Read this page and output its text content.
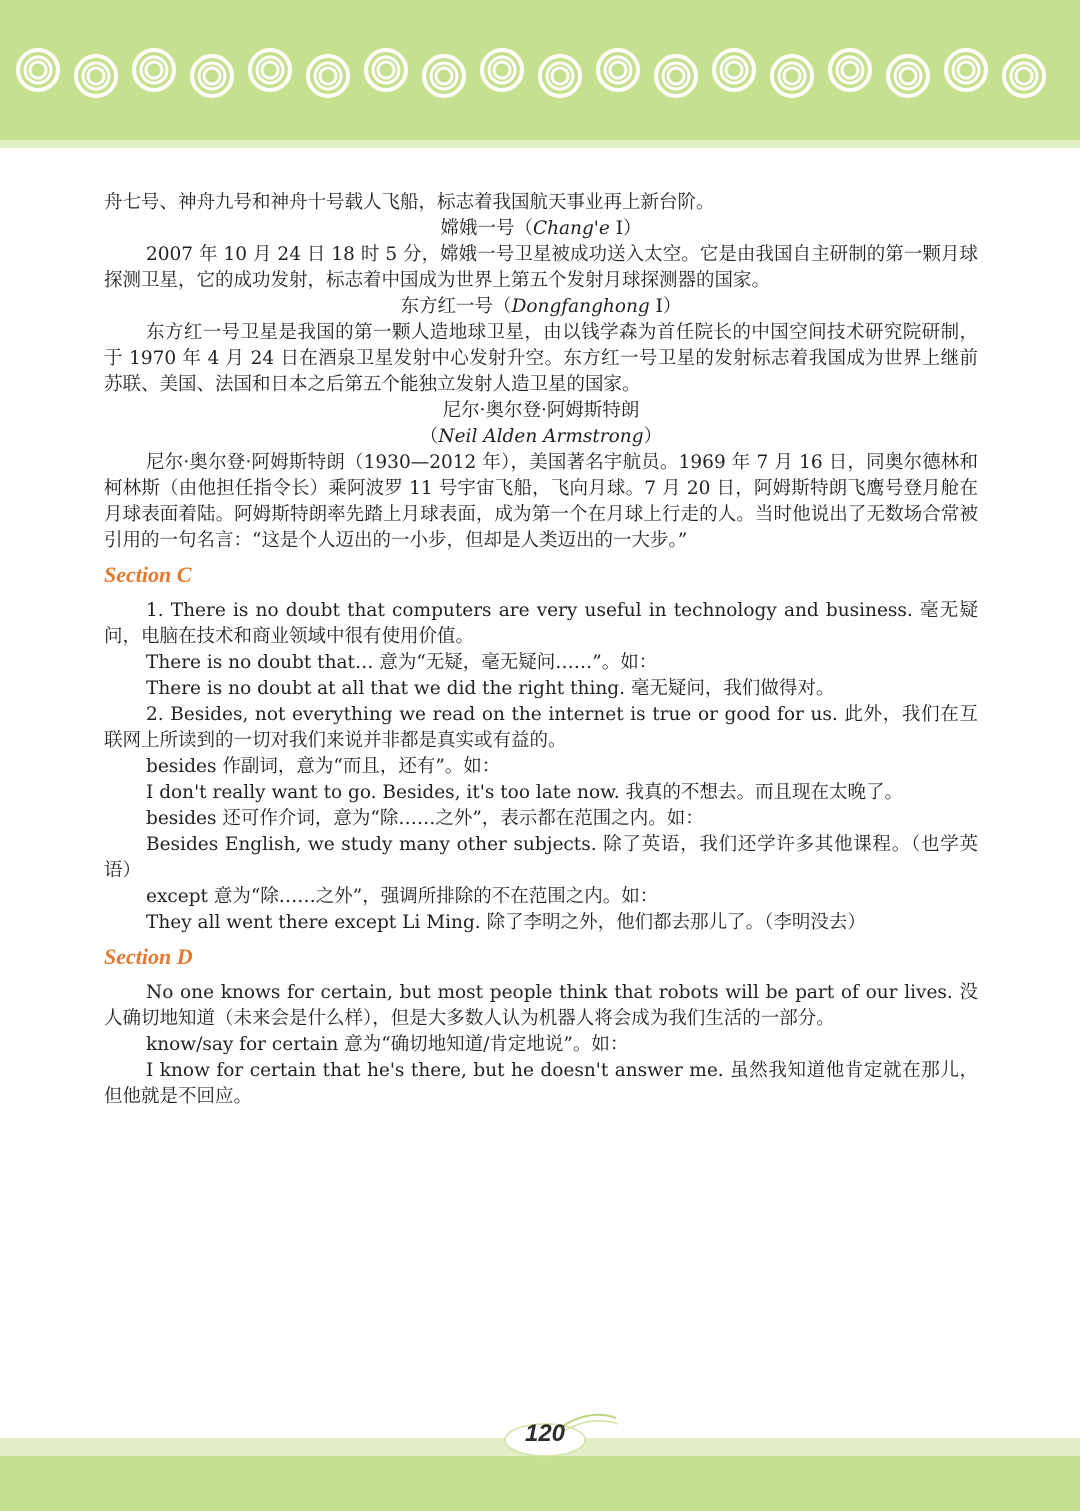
舟七号、神舟九号和神舟十号载人飞船，标志着我国航天事业再上新台阶。

嫦娥一号（Chang'e Ⅰ）

2007 年 10 月 24 日 18 时 5 分，嫦娥一号卫星被成功送入太空。它是由我国自主研制的第一颗月球探测卫星，它的成功发射，标志着中国成为世界上第五个发射月球探测器的国家。

东方红一号（Dongfanghong Ⅰ）

东方红一号卫星是我国的第一颗人造地球卫星，由以钱学森为首任院长的中国空间技术研究院研制，于 1970 年 4 月 24 日在酒泉卫星发射中心发射升空。东方红一号卫星的发射标志着我国成为世界上继前苏联、美国、法国和日本之后第五个能独立发射人造卫星的国家。

尼尔·奥尔登·阿姆斯特朗

（Neil Alden Armstrong）

尼尔·奥尔登·阿姆斯特朗（1930—2012 年），美国著名宇航员。1969 年 7 月 16 日，同奥尔德林和柯林斯（由他担任指令长）乘阿波罗 11 号宇宙飞船，飞向月球。7 月 20 日，阿姆斯特朗飞鹰号登月舱在月球表面着陆。阿姆斯特朗率先踏上月球表面，成为第一个在月球上行走的人。当时他说出了无数场合常被引用的一句名言：“这是个人迈出的一小步，但却是人类迈出的一大步。”

Section C

1. There is no doubt that computers are very useful in technology and business. 毫无疑问，电脑在技术和商业领域中很有使用价值。

There is no doubt that… 意为“无疑，毫无疑问……”。如：

There is no doubt at all that we did the right thing. 毫无疑问，我们做得对。

2. Besides, not everything we read on the internet is true or good for us. 此外，我们在互联网上所读到的一切对我们来说并非都是真实或有益的。

besides 作副词，意为“而且，还有”。如：

I don't really want to go. Besides, it's too late now. 我真的不想去。而且现在太晚了。

besides 还可作介词，意为“除……之外”，表示都在范围之内。如：

Besides English, we study many other subjects. 除了英语，我们还学许多其他课程。（也学英语）

except 意为“除……之外”，强调所排除的不在范围之内。如：

They all went there except Li Ming. 除了李明之外，他们都去那儿了。（李明没去）

Section D

No one knows for certain, but most people think that robots will be part of our lives. 没人确切地知道（未来会是什么样），但是大多数人认为机器人将会成为我们生活的一部分。

know/say for certain 意为“确切地知道/肯定地说”。如：

I know for certain that he's there, but he doesn't answer me. 虽然我知道他肯定就在那儿，但他就是不回应。

120
